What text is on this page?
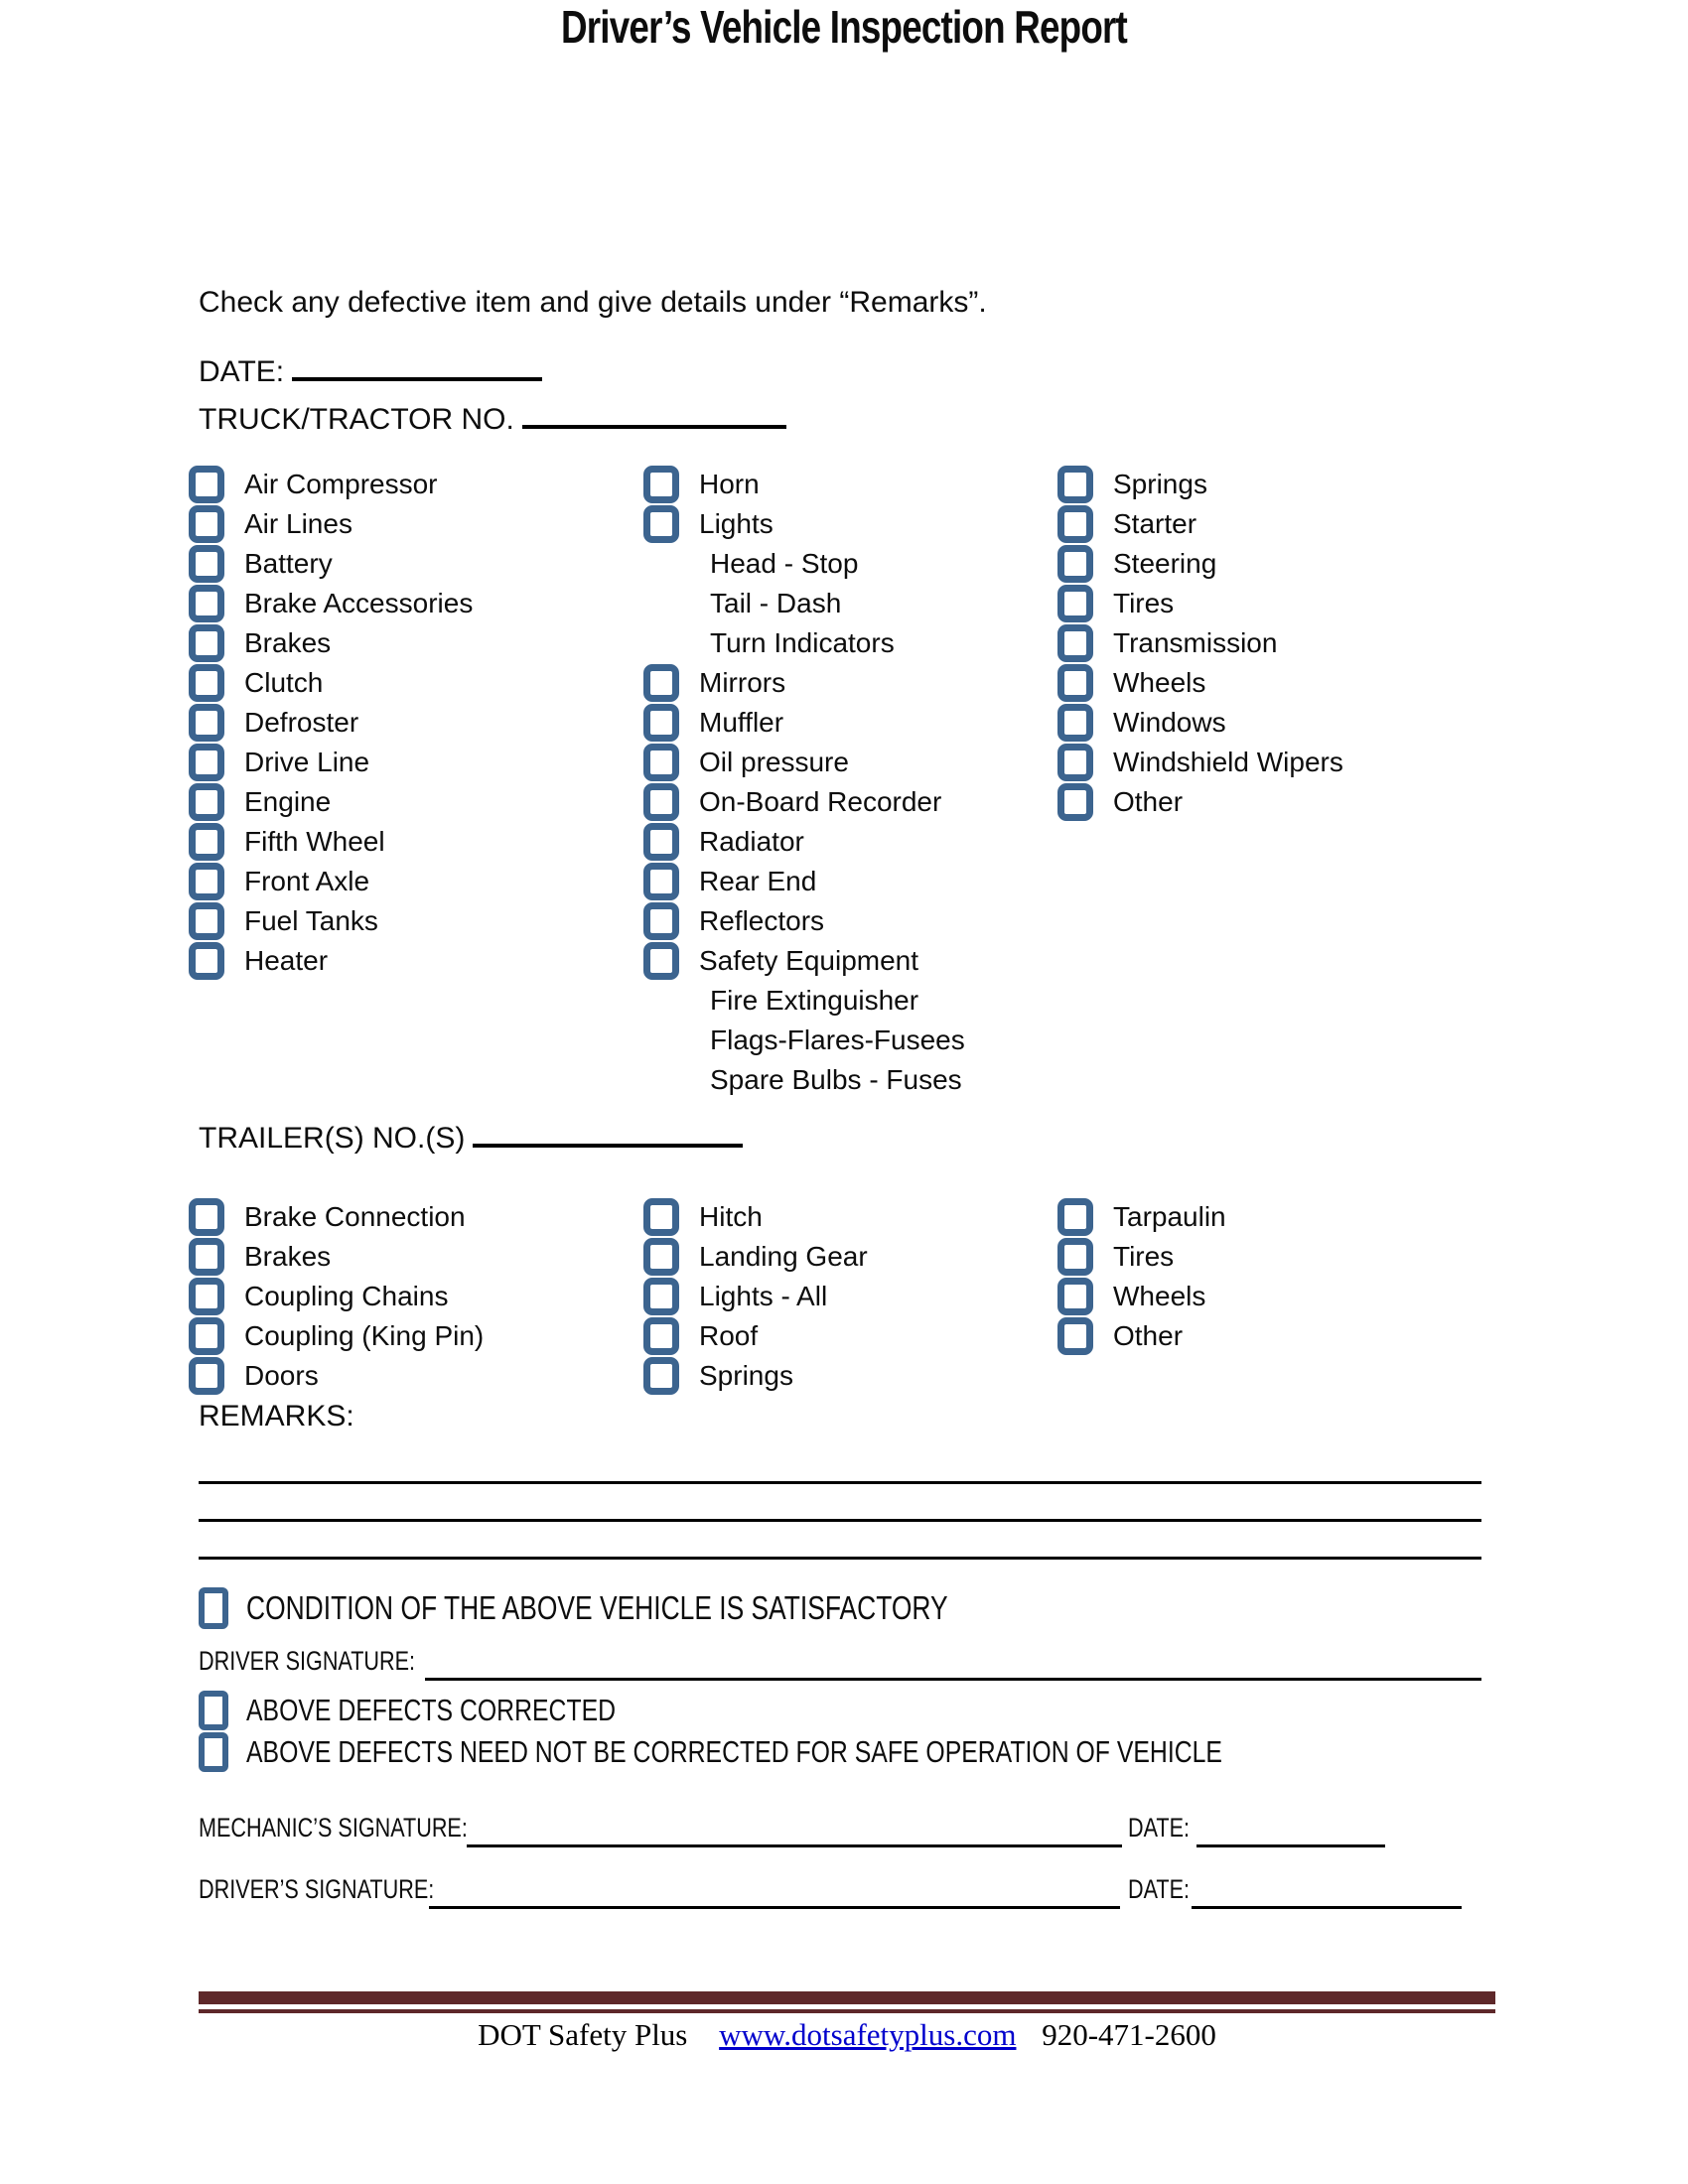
Driver’s Vehicle Inspection Report
Check any defective item and give details under “Remarks”.
DATE:
TRUCK/TRACTOR NO.
Air Compressor
Air Lines
Battery
Brake Accessories
Brakes
Clutch
Defroster
Drive Line
Engine
Fifth Wheel
Front Axle
Fuel Tanks
Heater
Horn
Lights
Head - Stop
Tail - Dash
Turn Indicators
Mirrors
Muffler
Oil pressure
On-Board Recorder
Radiator
Rear End
Reflectors
Safety Equipment
Fire Extinguisher
Flags-Flares-Fusees
Spare Bulbs - Fuses
Springs
Starter
Steering
Tires
Transmission
Wheels
Windows
Windshield Wipers
Other
TRAILER(S) NO.(S)
Brake Connection
Brakes
Coupling Chains
Coupling (King Pin)
Doors
Hitch
Landing Gear
Lights - All
Roof
Springs
Tarpaulin
Tires
Wheels
Other
REMARKS:
CONDITION OF THE ABOVE VEHICLE IS SATISFACTORY
DRIVER SIGNATURE:
ABOVE DEFECTS CORRECTED
ABOVE DEFECTS NEED NOT BE CORRECTED FOR SAFE OPERATION OF VEHICLE
MECHANIC’S SIGNATURE:	DATE:
DRIVER’S SIGNATURE:	DATE:
DOT Safety Plus www.dotsafetyplus.com 920-471-2600
